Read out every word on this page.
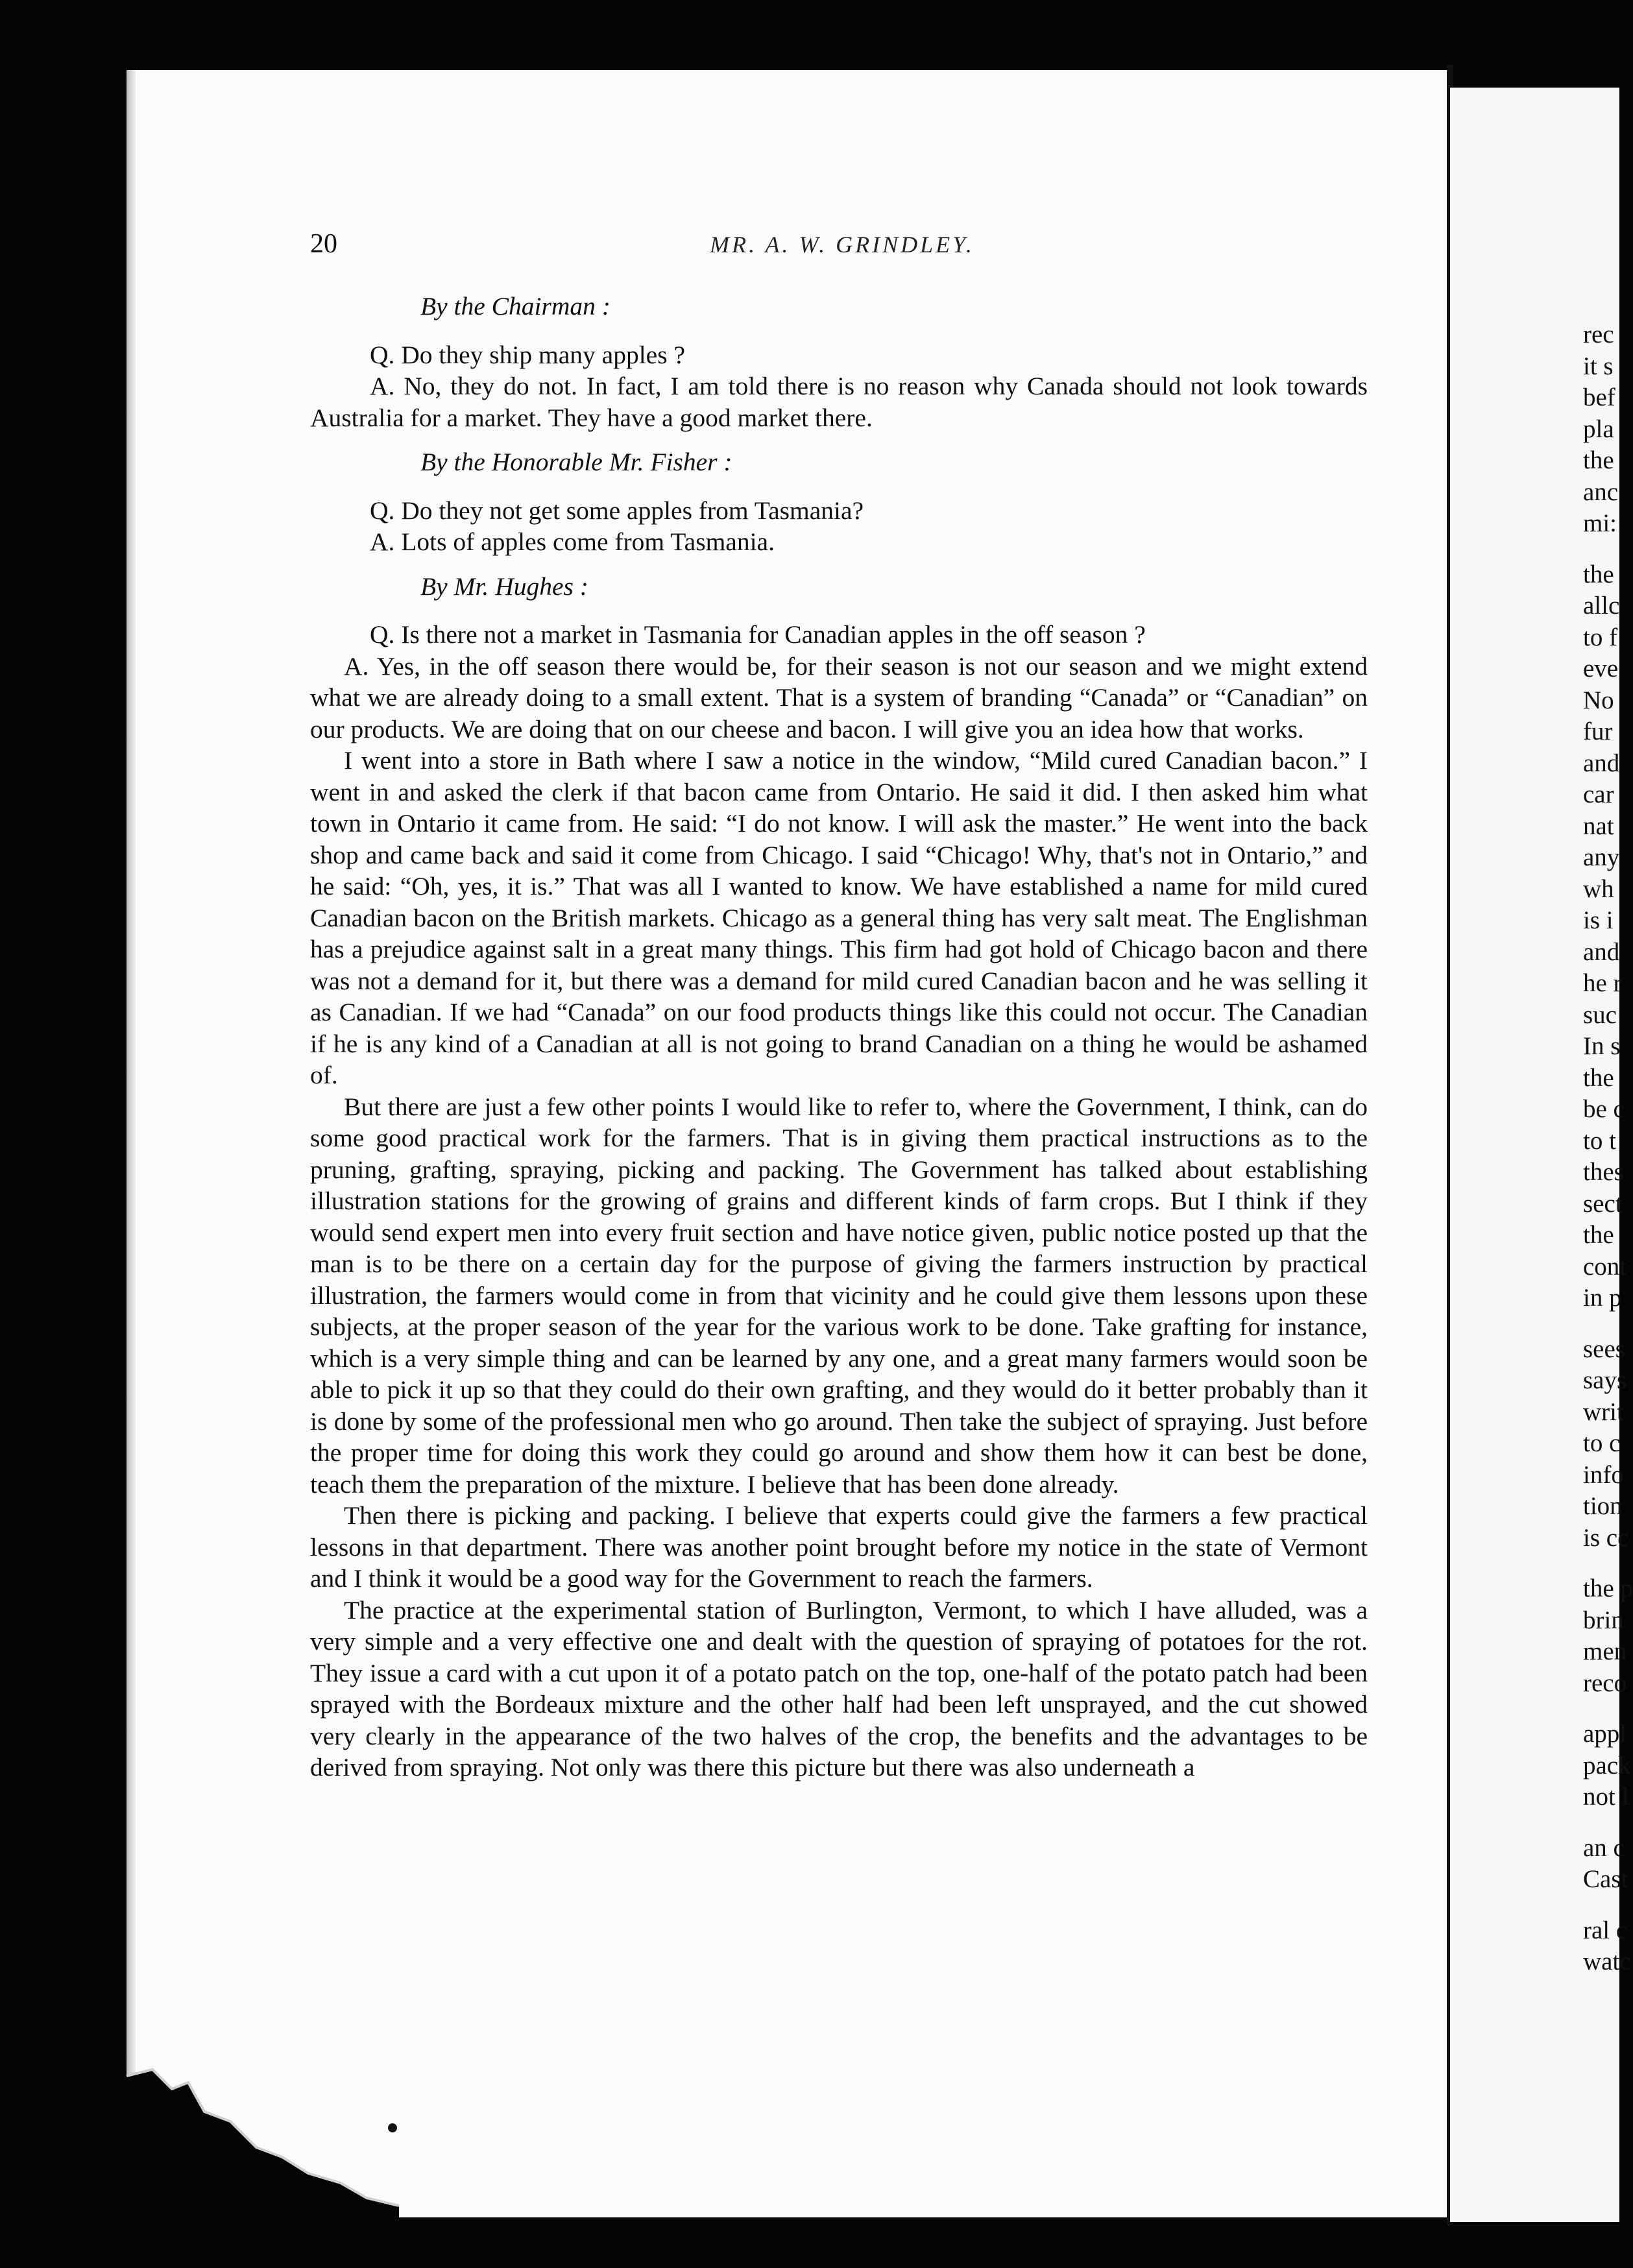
20	MR. A. W. GRINDLEY.

By the Chairman :

Q. Do they ship many apples ?

A. No, they do not. In fact, I am told there is no reason why Canada should not look towards Australia for a market. They have a good market there.

By the Honorable Mr. Fisher :

Q. Do they not get some apples from Tasmania?

A. Lots of apples come from Tasmania.

By Mr. Hughes :

Q. Is there not a market in Tasmania for Canadian apples in the off season ?

A. Yes, in the off season there would be, for their season is not our season and we might extend what we are already doing to a small extent. That is a system of branding “Canada” or “Canadian” on our products. We are doing that on our cheese and bacon. I will give you an idea how that works.

I went into a store in Bath where I saw a notice in the window, “Mild cured Canadian bacon.” I went in and asked the clerk if that bacon came from Ontario. He said it did. I then asked him what town in Ontario it came from. He said: “I do not know. I will ask the master.” He went into the back shop and came back and said it come from Chicago. I said “Chicago! Why, that's not in Ontario,” and he said: “Oh, yes, it is.” That was all I wanted to know. We have established a name for mild cured Canadian bacon on the British markets. Chicago as a general thing has very salt meat. The Englishman has a prejudice against salt in a great many things. This firm had got hold of Chicago bacon and there was not a demand for it, but there was a demand for mild cured Canadian bacon and he was selling it as Canadian. If we had “Canada” on our food products things like this could not occur. The Canadian if he is any kind of a Canadian at all is not going to brand Canadian on a thing he would be ashamed of.

But there are just a few other points I would like to refer to, where the Government, I think, can do some good practical work for the farmers. That is in giving them practical instructions as to the pruning, grafting, spraying, picking and packing. The Government has talked about establishing illustration stations for the growing of grains and different kinds of farm crops. But I think if they would send expert men into every fruit section and have notice given, public notice posted up that the man is to be there on a certain day for the purpose of giving the farmers instruction by practical illustration, the farmers would come in from that vicinity and he could give them lessons upon these subjects, at the proper season of the year for the various work to be done. Take grafting for instance, which is a very simple thing and can be learned by any one, and a great many farmers would soon be able to pick it up so that they could do their own grafting, and they would do it better probably than it is done by some of the professional men who go around. Then take the subject of spraying. Just before the proper time for doing this work they could go around and show them how it can best be done, teach them the preparation of the mixture. I believe that has been done already.

Then there is picking and packing. I believe that experts could give the farmers a few practical lessons in that department. There was another point brought before my notice in the state of Vermont and I think it would be a good way for the Government to reach the farmers.

The practice at the experimental station of Burlington, Vermont, to which I have alluded, was a very simple and a very effective one and dealt with the question of spraying of potatoes for the rot. They issue a card with a cut upon it of a potato patch on the top, one-half of the potato patch had been sprayed with the Bordeaux mixture and the other half had been left unsprayed, and the cut showed very clearly in the appearance of the two halves of the crop, the benefits and the advantages to be derived from spraying. Not only was there this picture but there was also underneath a

rec
it s
bef
pla
the
anc
mi:
the
allc
to f
eve
No
fur
and
car
nat
any
wh
is i
and
he r
suc
In s
the
be c
to t
thes
sect
the
cont
in p
sees
says
writ
to c
info
tion
is cc
the p
brin
men
reco
appl
pack
not l
an c
Cast
ral c
watc
